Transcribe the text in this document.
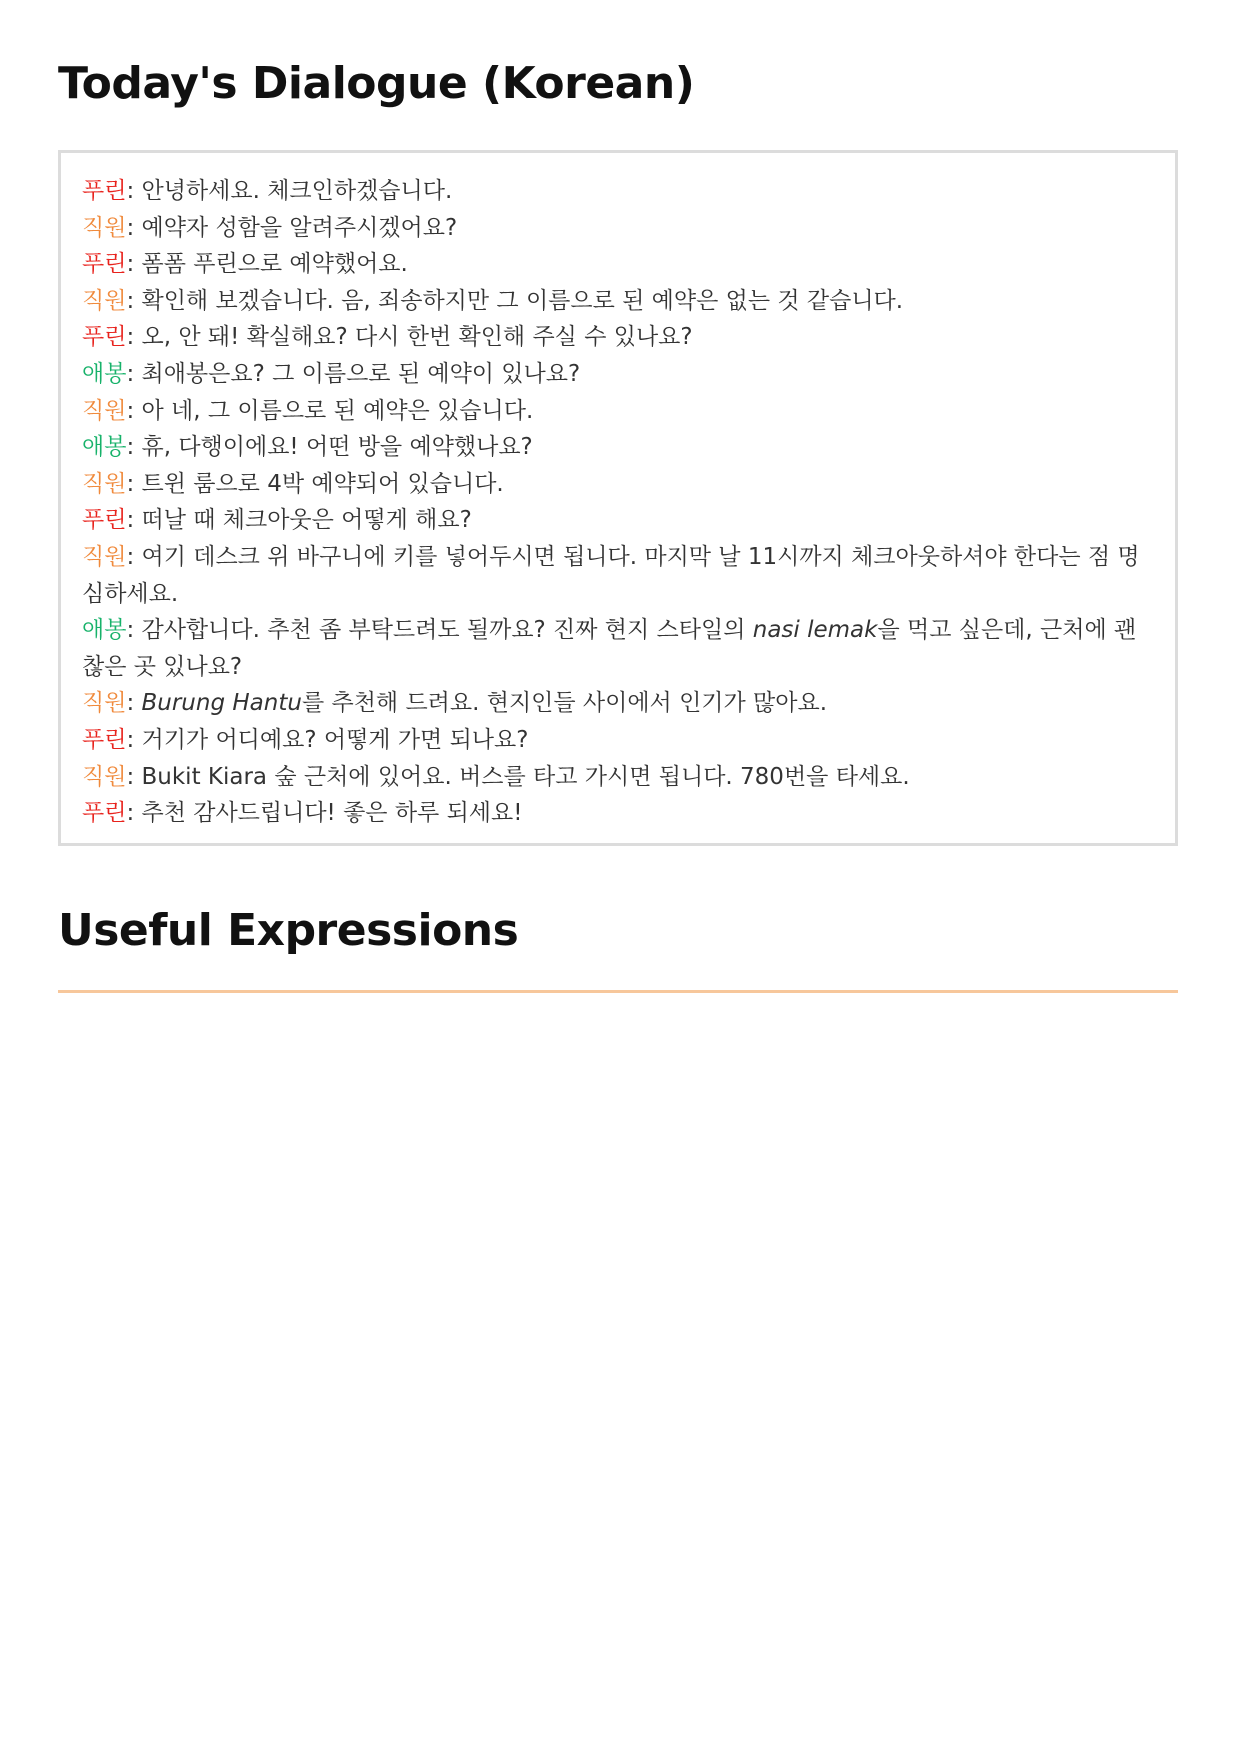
Today's Dialogue (Korean)

푸린: 안녕하세요. 체크인하겠습니다.

직원: 예약자 성함을 알려주시겠어요?

푸린: 폼폼 푸린으로 예약했어요.

직원: 확인해 보겠습니다. 음, 죄송하지만 그 이름으로 된 예약은 없는 것 같습니다.

푸린: 오, 안 돼! 확실해요? 다시 한번 확인해 주실 수 있나요?

애봉: 최애봉은요? 그 이름으로 된 예약이 있나요?

직원: 아 네, 그 이름으로 된 예약은 있습니다.

애봉: 휴, 다행이에요! 어떤 방을 예약했나요?

직원: 트윈 룸으로 4박 예약되어 있습니다.

푸린: 떠날 때 체크아웃은 어떻게 해요?

직원: 여기 데스크 위 바구니에 키를 넣어두시면 됩니다. 마지막 날 11시까지 체크아웃하셔야 한다는 점 명심하세요.

애봉: 감사합니다. 추천 좀 부탁드려도 될까요? 진짜 현지 스타일의 nasi lemak을 먹고 싶은데, 근처에 괜찮은 곳 있나요?

직원: Burung Hantu를 추천해 드려요. 현지인들 사이에서 인기가 많아요.

푸린: 거기가 어디예요? 어떻게 가면 되나요?

직원: Bukit Kiara 숲 근처에 있어요. 버스를 타고 가시면 됩니다. 780번을 타세요.

푸린: 추천 감사드립니다! 좋은 하루 되세요!

Useful Expressions
